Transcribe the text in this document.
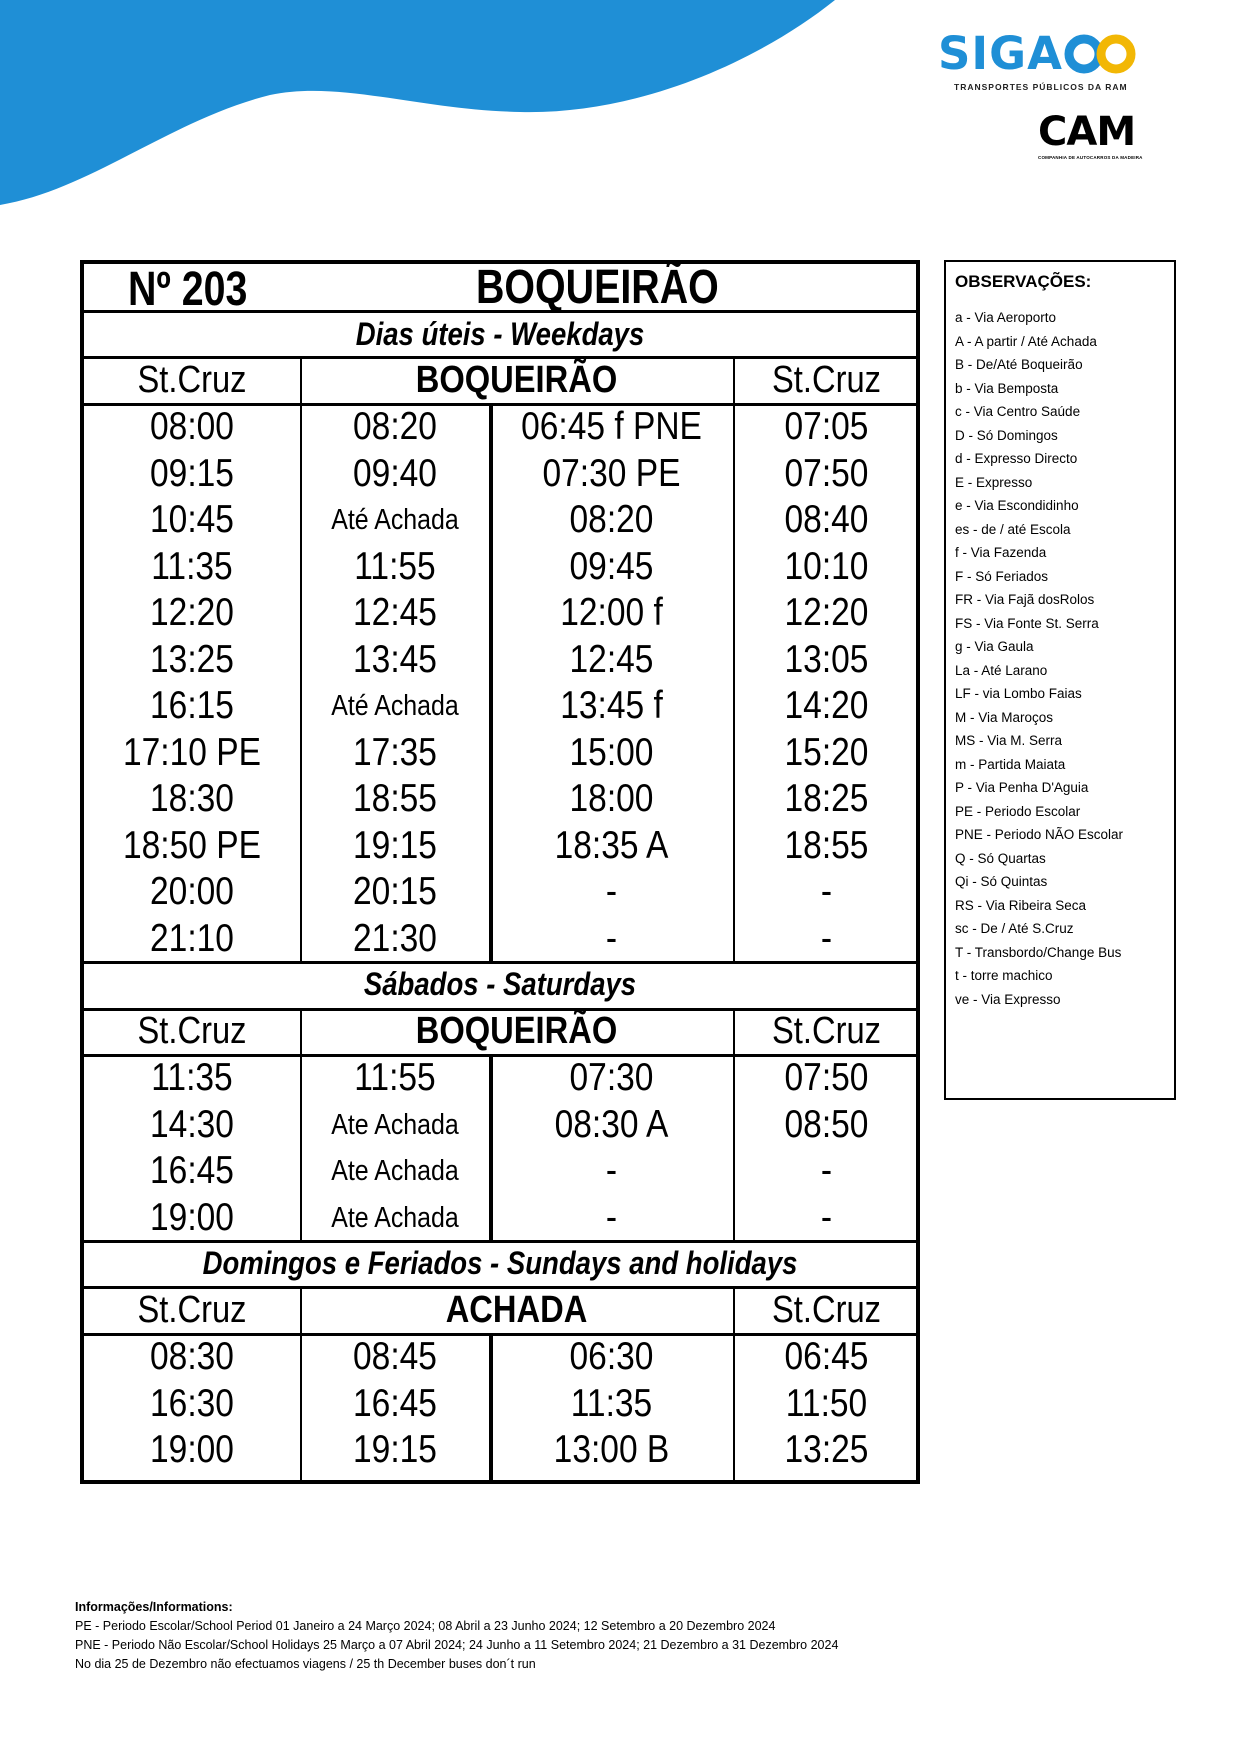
SIGA
TRANSPORTES PÚBLICOS DA RAM
CAM
COMPANHIA DE AUTOCARROS DA MADEIRA
Nº 203	BOQUEIRÃO
Dias úteis - Weekdays
St.Cruz	BOQUEIRÃO	St.Cruz
08:00	08:20	06:45 f PNE	07:05
09:15	09:40	07:30 PE	07:50
10:45	Até Achada	08:20	08:40
11:35	11:55	09:45	10:10
12:20	12:45	12:00 f	12:20
13:25	13:45	12:45	13:05
16:15	Até Achada	13:45 f	14:20
17:10 PE	17:35	15:00	15:20
18:30	18:55	18:00	18:25
18:50 PE	19:15	18:35 A	18:55
20:00	20:15	-	-
21:10	21:30	-	-
Sábados - Saturdays
St.Cruz	BOQUEIRÃO	St.Cruz
11:35	11:55	07:30	07:50
14:30	Ate Achada	08:30 A	08:50
16:45	Ate Achada	-	-
19:00	Ate Achada	-	-
Domingos e Feriados - Sundays and holidays
St.Cruz	ACHADA	St.Cruz
08:30	08:45	06:30	06:45
16:30	16:45	11:35	11:50
19:00	19:15	13:00 B	13:25
OBSERVAÇÕES:
a - Via Aeroporto
A - A partir / Até Achada
B - De/Até Boqueirão
b - Via Bemposta
c - Via Centro Saúde
D - Só Domingos
d - Expresso Directo
E - Expresso
e - Via Escondidinho
es - de / até Escola
f - Via Fazenda
F - Só Feriados
FR - Via Fajã dosRolos
FS - Via Fonte St. Serra
g - Via Gaula
La - Até Larano
LF - via Lombo Faias
M - Via Maroços
MS - Via M. Serra
m - Partida Maiata
P - Via Penha D'Aguia
PE - Periodo Escolar
PNE - Periodo NÃO Escolar
Q - Só Quartas
Qi - Só Quintas
RS - Via Ribeira Seca
sc - De / Até S.Cruz
T - Transbordo/Change Bus
t - torre machico
ve - Via Expresso
Informações/Informations:
PE - Periodo Escolar/School Period 01 Janeiro a 24 Março 2024; 08 Abril a 23 Junho 2024; 12 Setembro a 20 Dezembro 2024
PNE - Periodo Não Escolar/School Holidays 25 Março a 07 Abril 2024; 24 Junho a 11 Setembro 2024; 21 Dezembro a 31 Dezembro 2024
No dia 25 de Dezembro não efectuamos viagens / 25 th December buses don´t run
